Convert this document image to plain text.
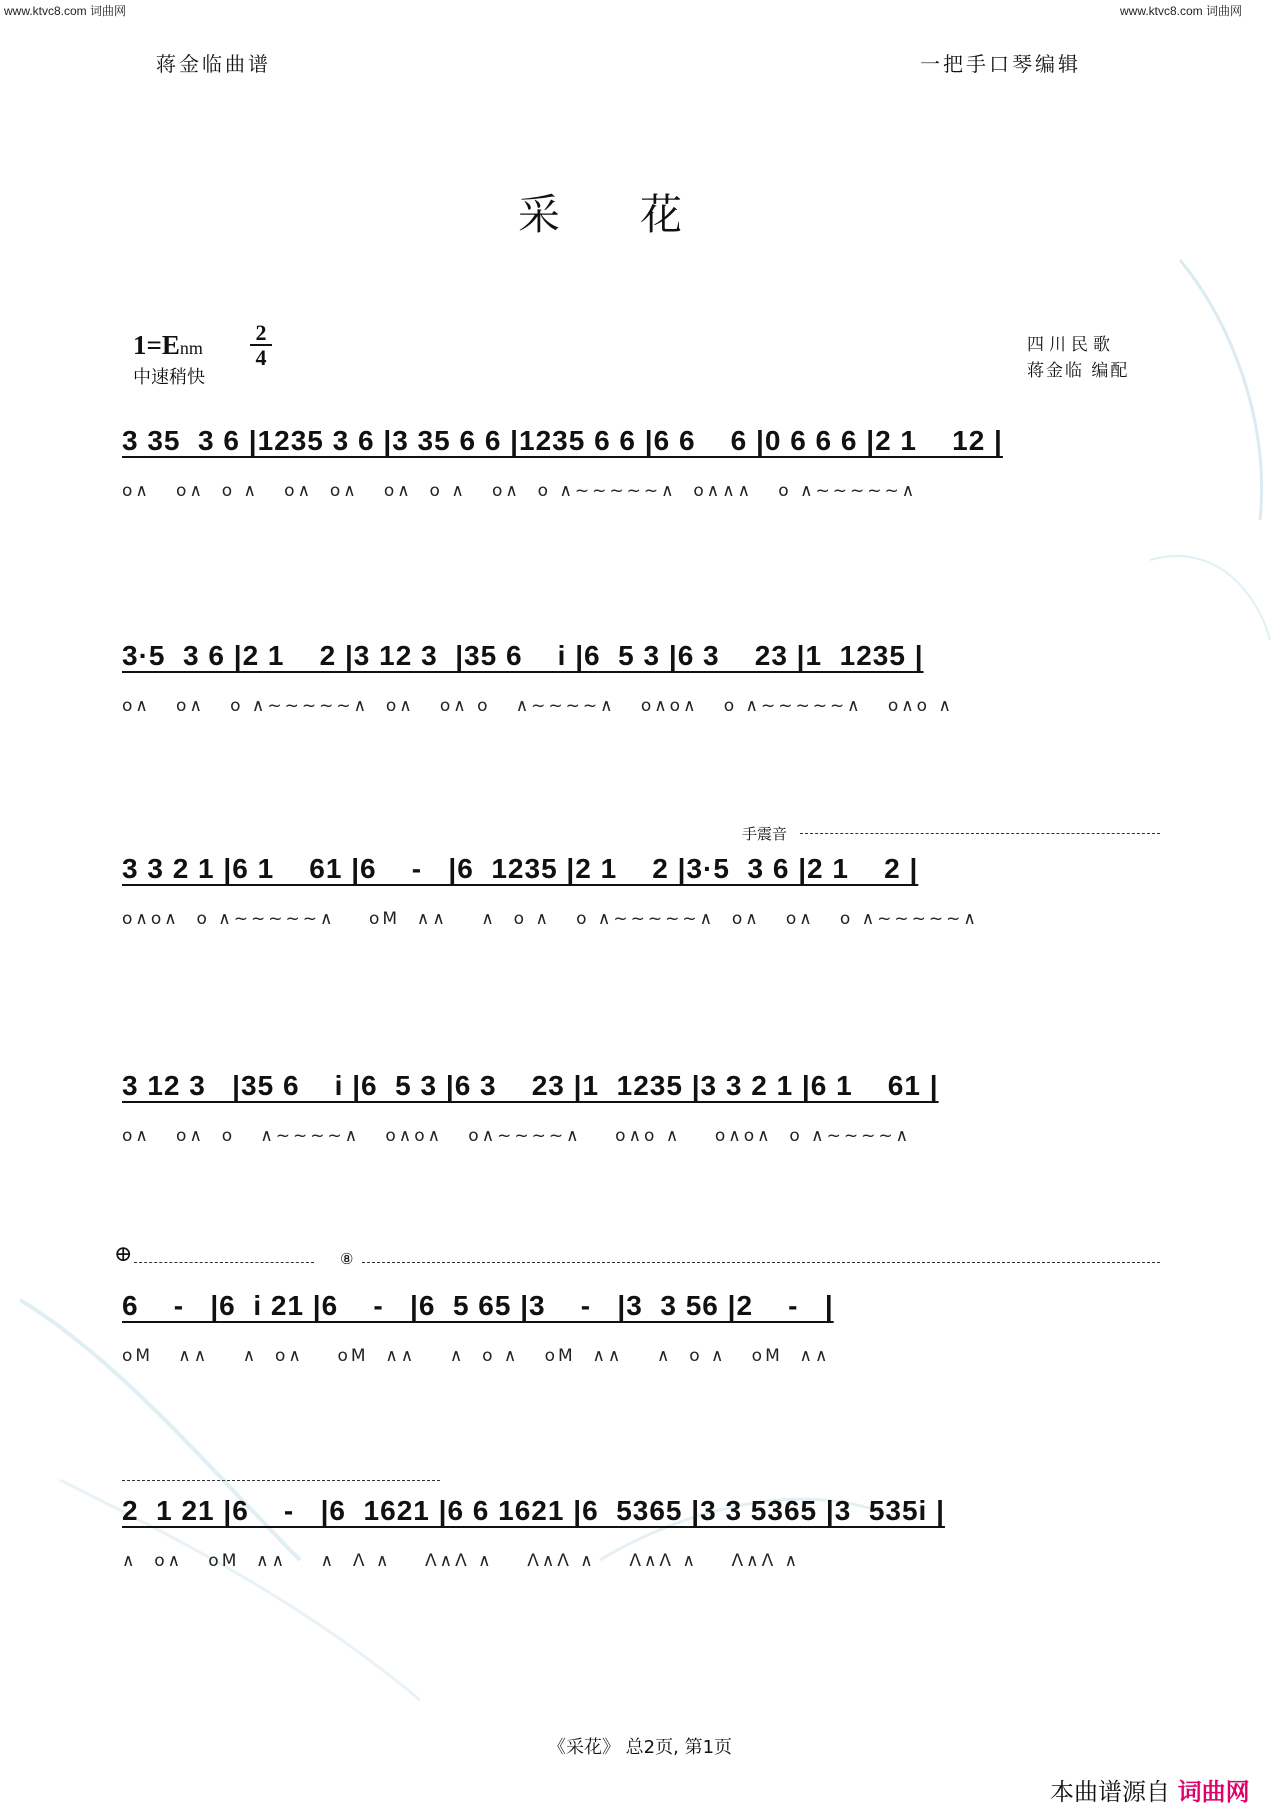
www.ktvc8.com 词曲网	www.ktvc8.com 词曲网
蒋金临曲谱	一把手口琴编辑
采花
1=Enm
2
4
中速稍快
四川民歌
蒋金临 编配
3 35  3 6 |1235 3 6 |3 35 6 6 |1235 6 6 |6 6    6 |0 6 6 6 |2 1    12 |
o∧   o∧  o ∧   o∧  o∧   o∧  o ∧   o∧  o ∧~~~~~∧  o∧∧∧   o ∧~~~~~∧
3·5  3 6 |2 1    2 |3 12 3  |35 6    i |6  5 3 |6 3    23 |1  1235 |
o∧   o∧   o ∧~~~~~∧  o∧   o∧ o   ∧~~~~∧   o∧o∧   o ∧~~~~~∧   o∧o ∧
手震音
3 3 2 1 |6 1    61 |6    -   |6  1235 |2 1    2 |3·5  3 6 |2 1    2 |
o∧o∧  o ∧~~~~~∧    oΜ  ∧∧    ∧  o ∧   o ∧~~~~~∧  o∧   o∧   o ∧~~~~~∧
3 12 3   |35 6    i |6  5 3 |6 3    23 |1  1235 |3 3 2 1 |6 1    61 |
o∧   o∧  o   ∧~~~~∧   o∧o∧   o∧~~~~∧    o∧o ∧    o∧o∧  o ∧~~~~∧
⊕	⑧
6    -   |6  i 21 |6    -   |6  5 65 |3    -   |3  3 56 |2    -   |
oΜ   ∧∧    ∧  o∧    oΜ  ∧∧    ∧  o ∧   oΜ  ∧∧    ∧  o ∧   oΜ  ∧∧
2  1 21 |6    -   |6  1621 |6 6 1621 |6  5365 |3 3 5365 |3  535i |
∧  o∧   oΜ  ∧∧    ∧  Λ ∧    Λ∧Λ ∧    Λ∧Λ ∧    Λ∧Λ ∧    Λ∧Λ ∧
《采花》 总2页, 第1页
本曲谱源自 词曲网
